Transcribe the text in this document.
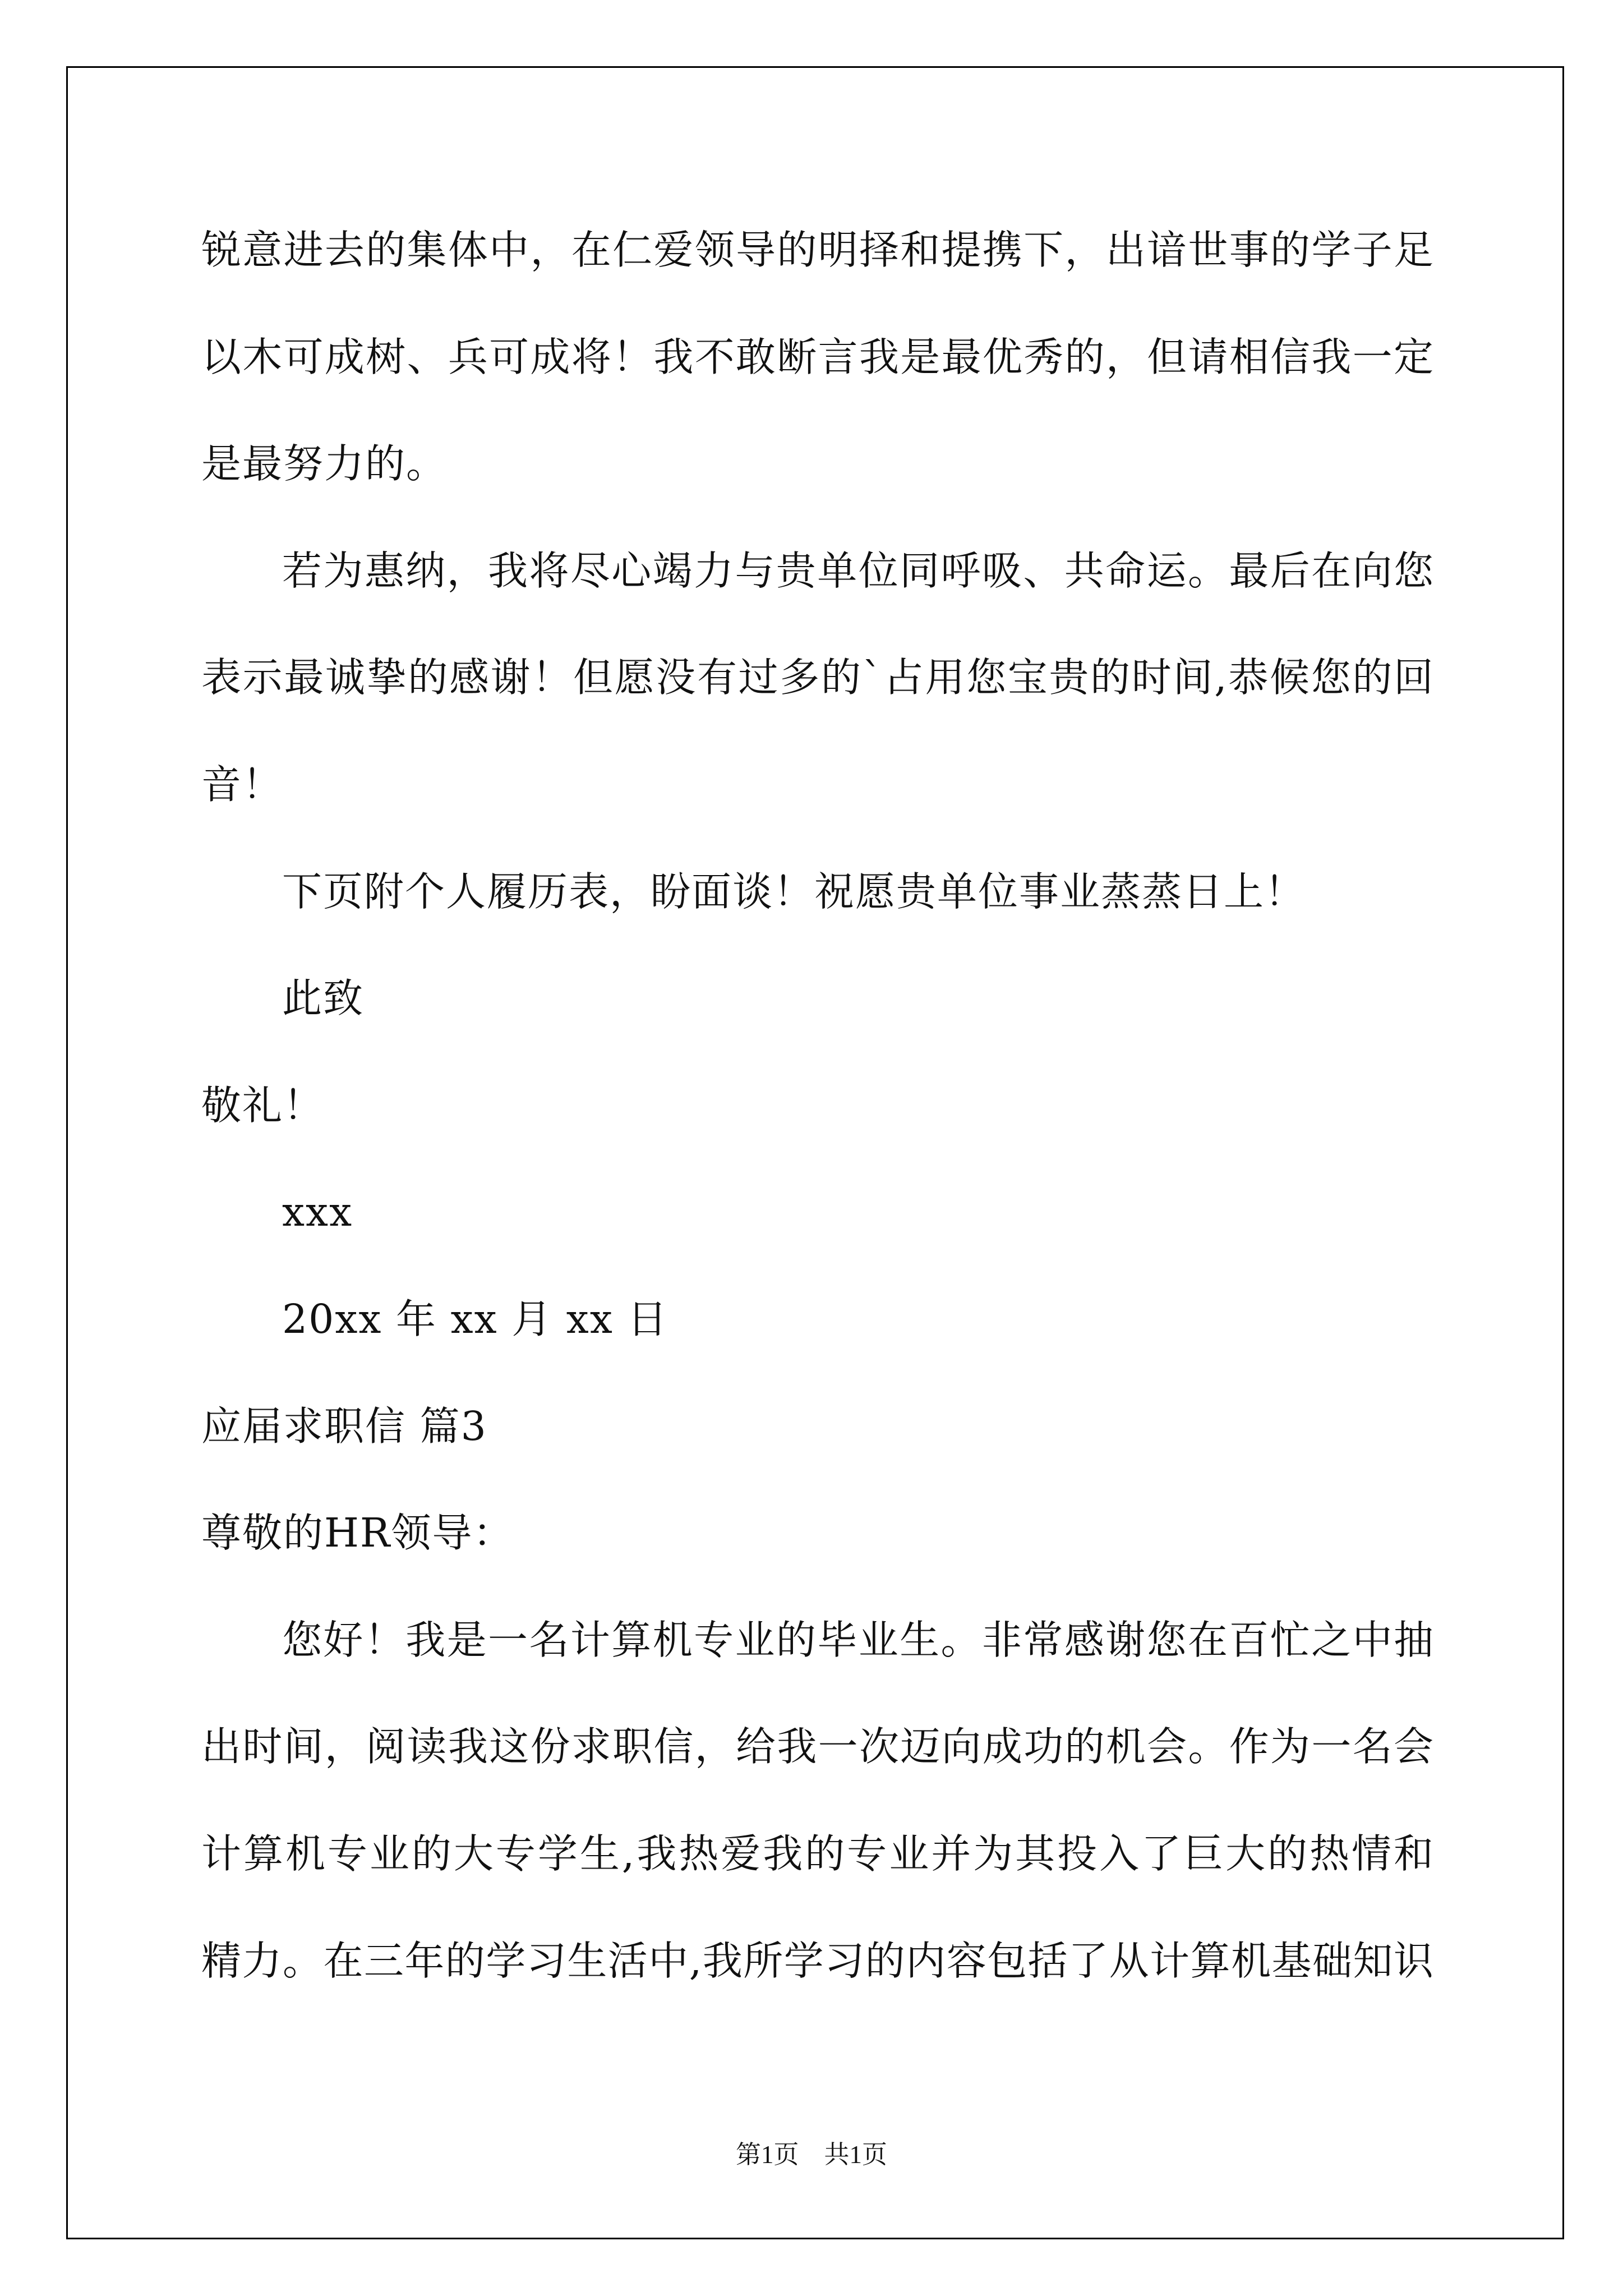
锐意进去的集体中，在仁爱领导的明择和提携下，出谙世事的学子足
以木可成树、兵可成将！我不敢断言我是最优秀的，但请相信我一定
是最努力的。
若为惠纳，我将尽心竭力与贵单位同呼吸、共命运。最后在向您
表示最诚挚的感谢！但愿没有过多的`占用您宝贵的时间,恭候您的回
音！
下页附个人履历表，盼面谈！祝愿贵单位事业蒸蒸日上！
此致
敬礼！
xxx
20xx 年 xx 月 xx 日
应届求职信 篇3
尊敬的HR领导：
您好！我是一名计算机专业的毕业生。非常感谢您在百忙之中抽
出时间，阅读我这份求职信，给我一次迈向成功的机会。作为一名会
计算机专业的大专学生,我热爱我的专业并为其投入了巨大的热情和
精力。在三年的学习生活中,我所学习的内容包括了从计算机基础知识
第1页　共1页
